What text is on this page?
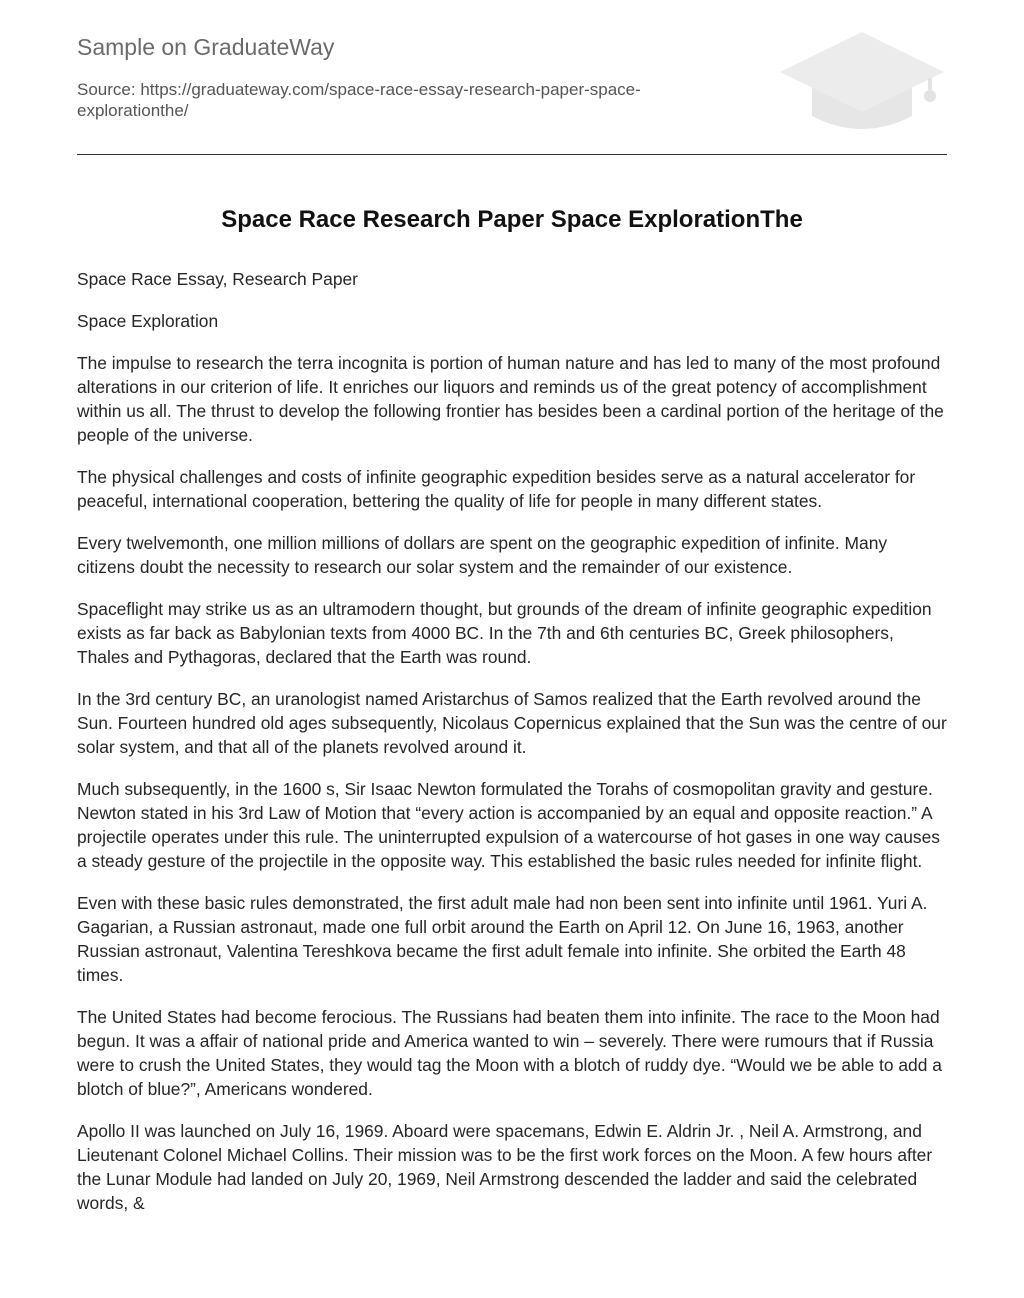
Sample on GraduateWay
Source: https://graduateway.com/space-race-essay-research-paper-space-explorationthe/
Space Race Research Paper Space ExplorationThe

Space Race Essay, Research Paper

Space Exploration

The impulse to research the terra incognita is portion of human nature and has led to many of the most profound alterations in our criterion of life. It enriches our liquors and reminds us of the great potency of accomplishment within us all. The thrust to develop the following frontier has besides been a cardinal portion of the heritage of the people of the universe.

The physical challenges and costs of infinite geographic expedition besides serve as a natural accelerator for peaceful, international cooperation, bettering the quality of life for people in many different states.

Every twelvemonth, one million millions of dollars are spent on the geographic expedition of infinite. Many citizens doubt the necessity to research our solar system and the remainder of our existence.

Spaceflight may strike us as an ultramodern thought, but grounds of the dream of infinite geographic expedition exists as far back as Babylonian texts from 4000 BC. In the 7th and 6th centuries BC, Greek philosophers, Thales and Pythagoras, declared that the Earth was round.

In the 3rd century BC, an uranologist named Aristarchus of Samos realized that the Earth revolved around the Sun. Fourteen hundred old ages subsequently, Nicolaus Copernicus explained that the Sun was the centre of our solar system, and that all of the planets revolved around it.

Much subsequently, in the 1600 s, Sir Isaac Newton formulated the Torahs of cosmopolitan gravity and gesture. Newton stated in his 3rd Law of Motion that “every action is accompanied by an equal and opposite reaction.” A projectile operates under this rule. The uninterrupted expulsion of a watercourse of hot gases in one way causes a steady gesture of the projectile in the opposite way. This established the basic rules needed for infinite flight.

Even with these basic rules demonstrated, the first adult male had non been sent into infinite until 1961. Yuri A. Gagarian, a Russian astronaut, made one full orbit around the Earth on April 12. On June 16, 1963, another Russian astronaut, Valentina Tereshkova became the first adult female into infinite. She orbited the Earth 48 times.

The United States had become ferocious. The Russians had beaten them into infinite. The race to the Moon had begun. It was a affair of national pride and America wanted to win – severely. There were rumours that if Russia were to crush the United States, they would tag the Moon with a blotch of ruddy dye. “Would we be able to add a blotch of blue?”, Americans wondered.

Apollo II was launched on July 16, 1969. Aboard were spacemans, Edwin E. Aldrin Jr. , Neil A. Armstrong, and Lieutenant Colonel Michael Collins. Their mission was to be the first work forces on the Moon. A few hours after the Lunar Module had landed on July 20, 1969, Neil Armstrong descended the ladder and said the celebrated words, &
